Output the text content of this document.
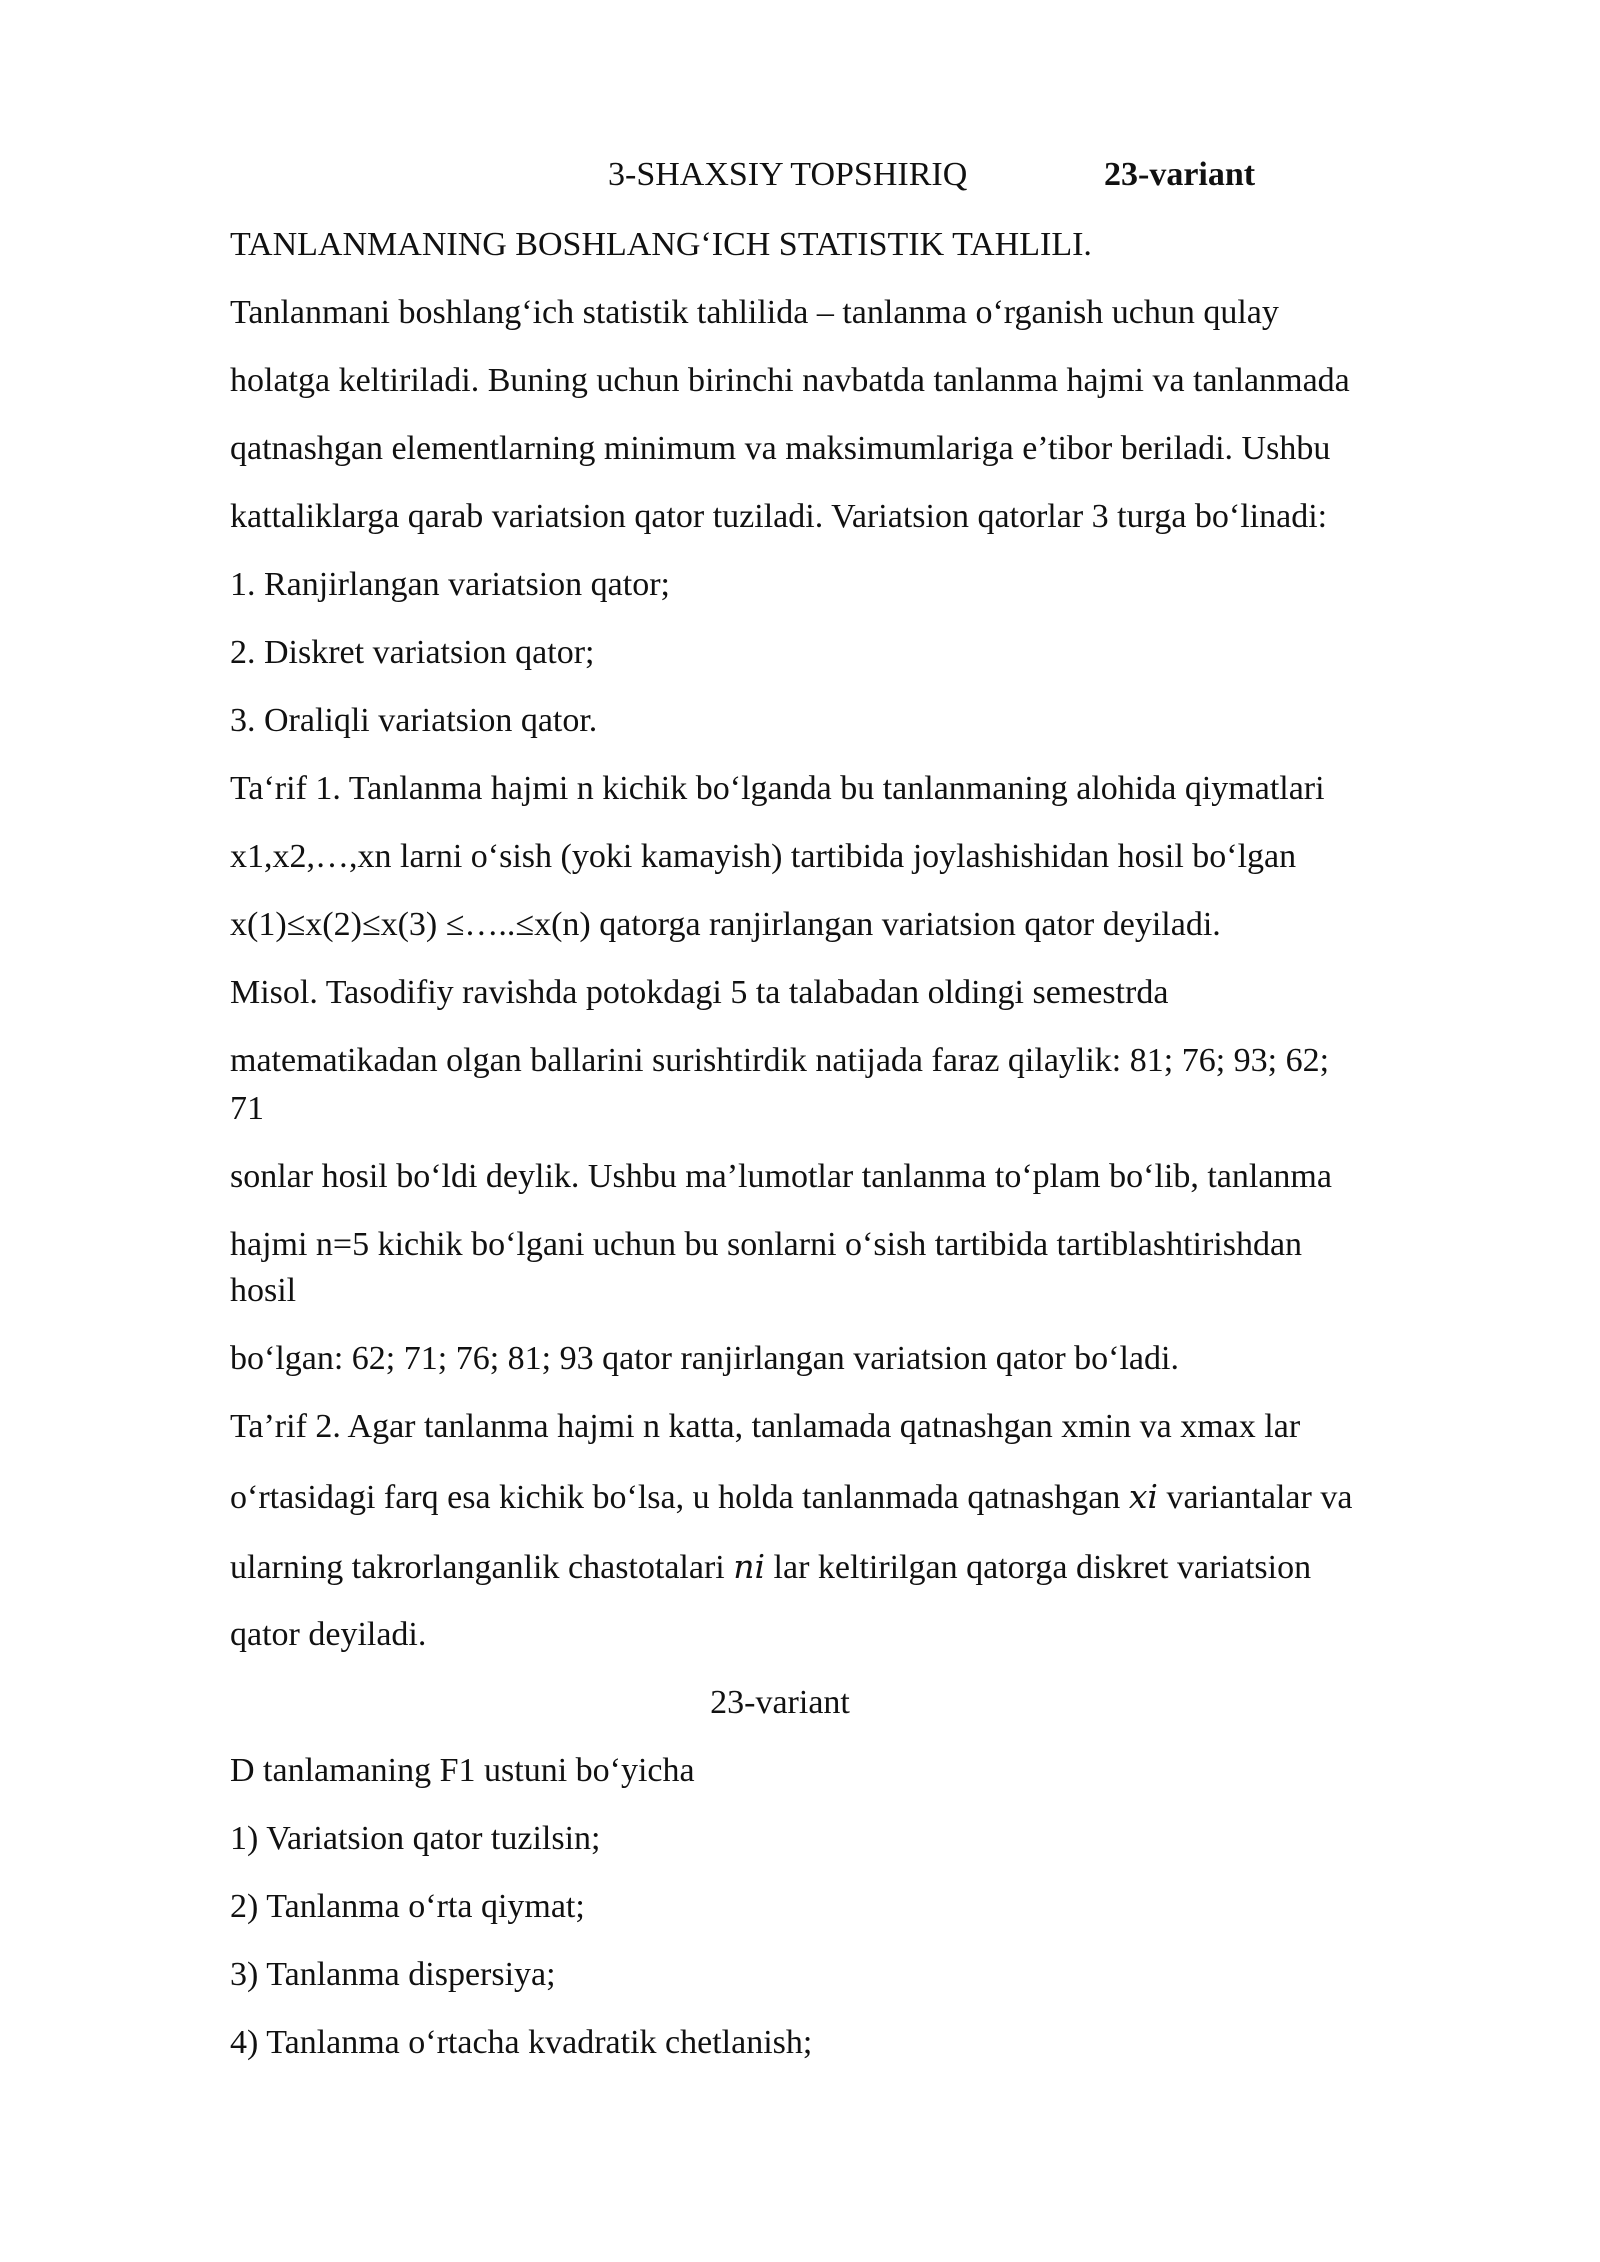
3-SHAXSIY TOPSHIRIQ	23-variant
TANLANMANING BOSHLANG‘ICH STATISTIK TAHLILI.
Tanlanmani boshlang‘ich statistik tahlilida – tanlanma o‘rganish uchun qulay
holatga keltiriladi. Buning uchun birinchi navbatda tanlanma hajmi va tanlanmada
qatnashgan elementlarning minimum va maksimumlariga e’tibor beriladi. Ushbu
kattaliklarga qarab variatsion qator tuziladi. Variatsion qatorlar 3 turga bo‘linadi:
1. Ranjirlangan variatsion qator;
2. Diskret variatsion qator;
3. Oraliqli variatsion qator.
Ta‘rif 1. Tanlanma hajmi n kichik bo‘lganda bu tanlanmaning alohida qiymatlari
x1,x2,…,xn larni o‘sish (yoki kamayish) tartibida joylashishidan hosil bo‘lgan
x(1)≤x(2)≤x(3) ≤…..≤x(n) qatorga ranjirlangan variatsion qator deyiladi.
Misol. Tasodifiy ravishda potokdagi 5 ta talabadan oldingi semestrda
matematikadan olgan ballarini surishtirdik natijada faraz qilaylik: 81; 76; 93; 62;
71
sonlar hosil bo‘ldi deylik. Ushbu ma’lumotlar tanlanma to‘plam bo‘lib, tanlanma
hajmi n=5 kichik bo‘lgani uchun bu sonlarni o‘sish tartibida tartiblashtirishdan
hosil
bo‘lgan: 62; 71; 76; 81; 93 qator ranjirlangan variatsion qator bo‘ladi.
Ta’rif 2. Agar tanlanma hajmi n katta, tanlamada qatnashgan xmin va xmax lar
o‘rtasidagi farq esa kichik bo‘lsa, u holda tanlanmada qatnashgan xi variantalar va
ularning takrorlanganlik chastotalari ni lar keltirilgan qatorga diskret variatsion
qator deyiladi.
23-variant
D tanlamaning F1 ustuni bo‘yicha
1) Variatsion qator tuzilsin;
2) Tanlanma o‘rta qiymat;
3) Tanlanma dispersiya;
4) Tanlanma o‘rtacha kvadratik chetlanish;
